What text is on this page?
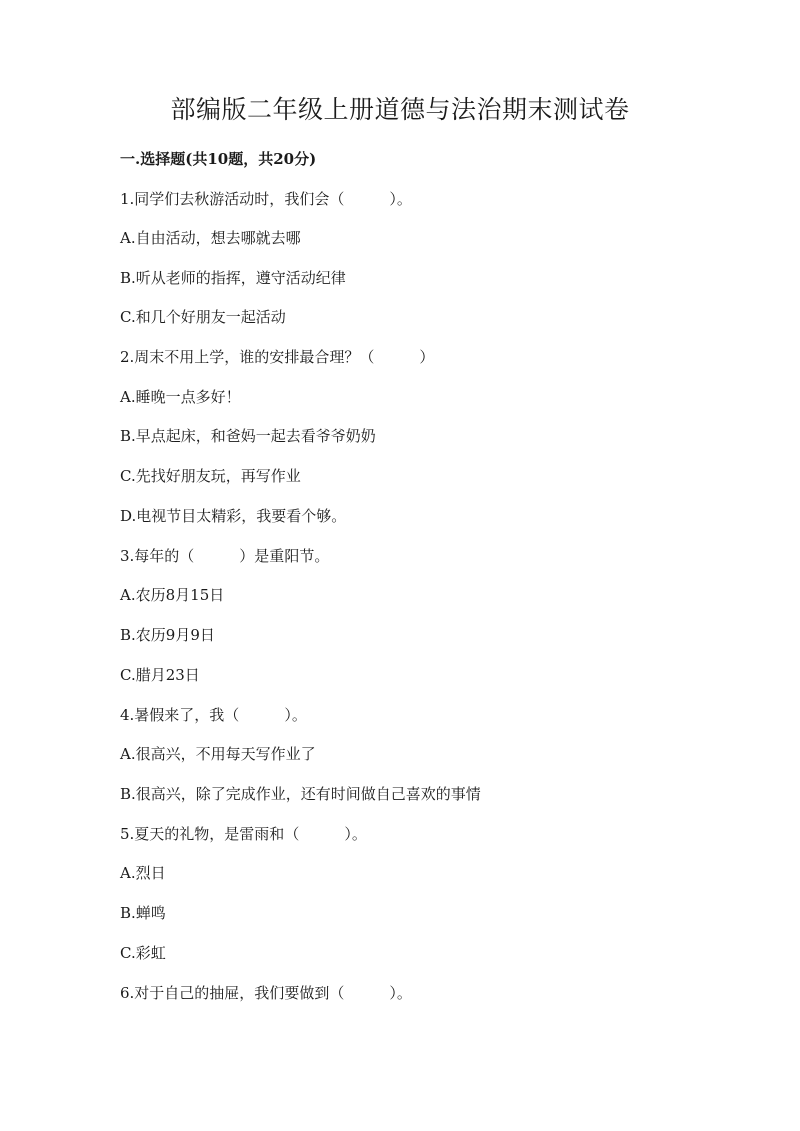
部编版二年级上册道德与法治期末测试卷
一.选择题(共10题，共20分)
1.同学们去秋游活动时，我们会（　　　）。
A.自由活动，想去哪就去哪
B.听从老师的指挥，遵守活动纪律
C.和几个好朋友一起活动
2.周末不用上学，谁的安排最合理？（　　　）
A.睡晚一点多好！
B.早点起床，和爸妈一起去看爷爷奶奶
C.先找好朋友玩，再写作业
D.电视节目太精彩，我要看个够。
3.每年的（　　　）是重阳节。
A.农历8月15日
B.农历9月9日
C.腊月23日
4.暑假来了，我（　　　）。
A.很高兴，不用每天写作业了
B.很高兴，除了完成作业，还有时间做自己喜欢的事情
5.夏天的礼物，是雷雨和（　　　）。
A.烈日
B.蝉鸣
C.彩虹
6.对于自己的抽屉，我们要做到（　　　）。
